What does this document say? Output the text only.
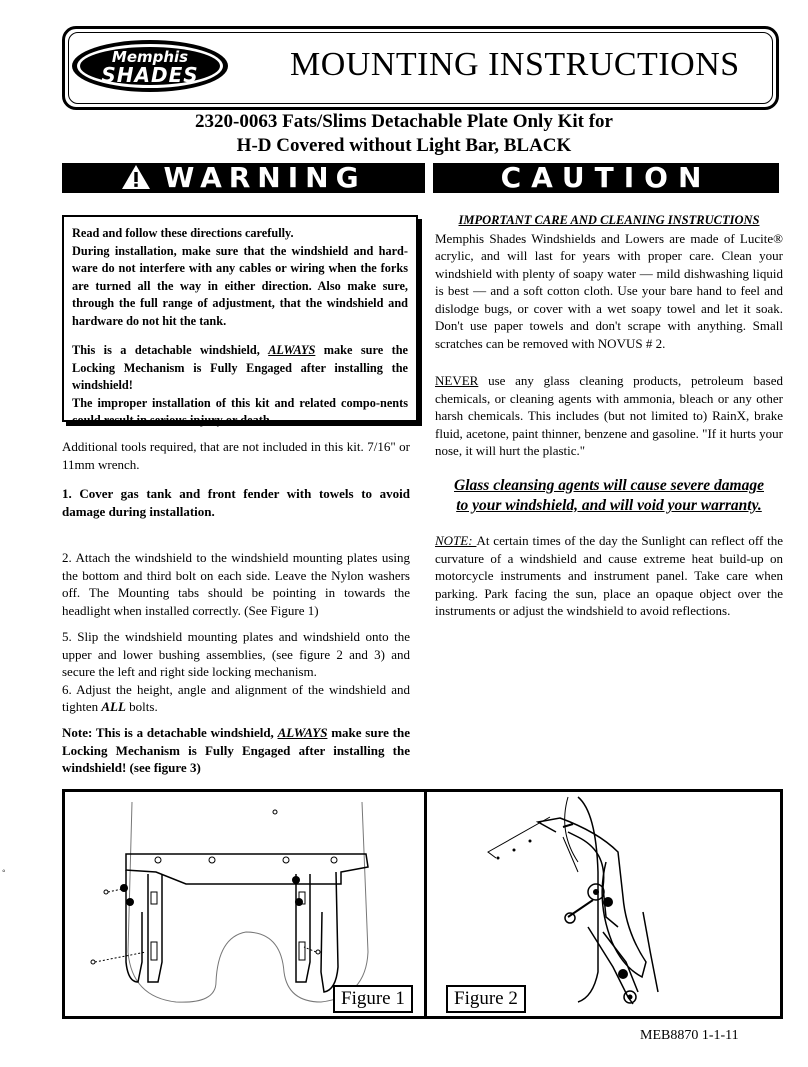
Memphis
SHADES	MOUNTING INSTRUCTIONS
2320-0063 Fats/Slims Detachable Plate Only Kit for
H-D Covered without Light Bar, BLACK
WARNING	CAUTION

Read and follow these directions carefully.

During installation, make sure that the windshield and hard-ware do not interfere with any cables or wiring when the forks are turned all the way in either direction. Also make sure, through the full range of adjustment, that the windshield and hardware do not hit the tank.

This is a detachable windshield, ALWAYS make sure the Locking Mechanism is Fully Engaged after installing the windshield!

The improper installation of this kit and related compo-nents could result in serious injury or death.

Additional tools required, that are not included in this kit. 7/16" or 11mm wrench.

1. Cover gas tank and front fender with towels to avoid damage during installation.

2. Attach the windshield to the windshield mounting plates using the bottom and third bolt on each side. Leave the Nylon washers off. The Mounting tabs should be pointing in towards the headlight when installed correctly. (See Figure 1)

5. Slip the windshield mounting plates and windshield onto the upper and lower bushing assemblies, (see figure 2 and 3) and secure the left and right side locking mechanism.

6. Adjust the height, angle and alignment of the windshield and tighten ALL bolts.

Note: This is a detachable windshield, ALWAYS make sure the Locking Mechanism is Fully Engaged after installing the windshield! (see figure 3)

IMPORTANT CARE AND CLEANING INSTRUCTIONS

Memphis Shades Windshields and Lowers are made of Lucite® acrylic, and will last for years with proper care. Clean your windshield with plenty of soapy water — mild dishwashing liquid is best — and a soft cotton cloth. Use your bare hand to feel and dislodge bugs, or cover with a wet soapy towel and let it soak. Don't use paper towels and don't scrape with anything. Small scratches can be removed with NOVUS # 2.

NEVER use any glass cleaning products, petroleum based chemicals, or cleaning agents with ammonia, bleach or any other harsh chemicals. This includes (but not limited to) RainX, brake fluid, acetone, paint thinner, benzene and gasoline. "If it hurts your nose, it will hurt the plastic."

Glass cleansing agents will cause severe damage

to your windshield, and will void your warranty.

NOTE: At certain times of the day the Sunlight can reflect off the curvature of a windshield and cause extreme heat build-up on motorcycle instruments and instrument panel. Take care when parking. Park facing the sun, place an opaque object over the instruments or adjust the windshield to avoid reflections.

Figure 1	Figure 2
◦
MEB8870 1-1-11
